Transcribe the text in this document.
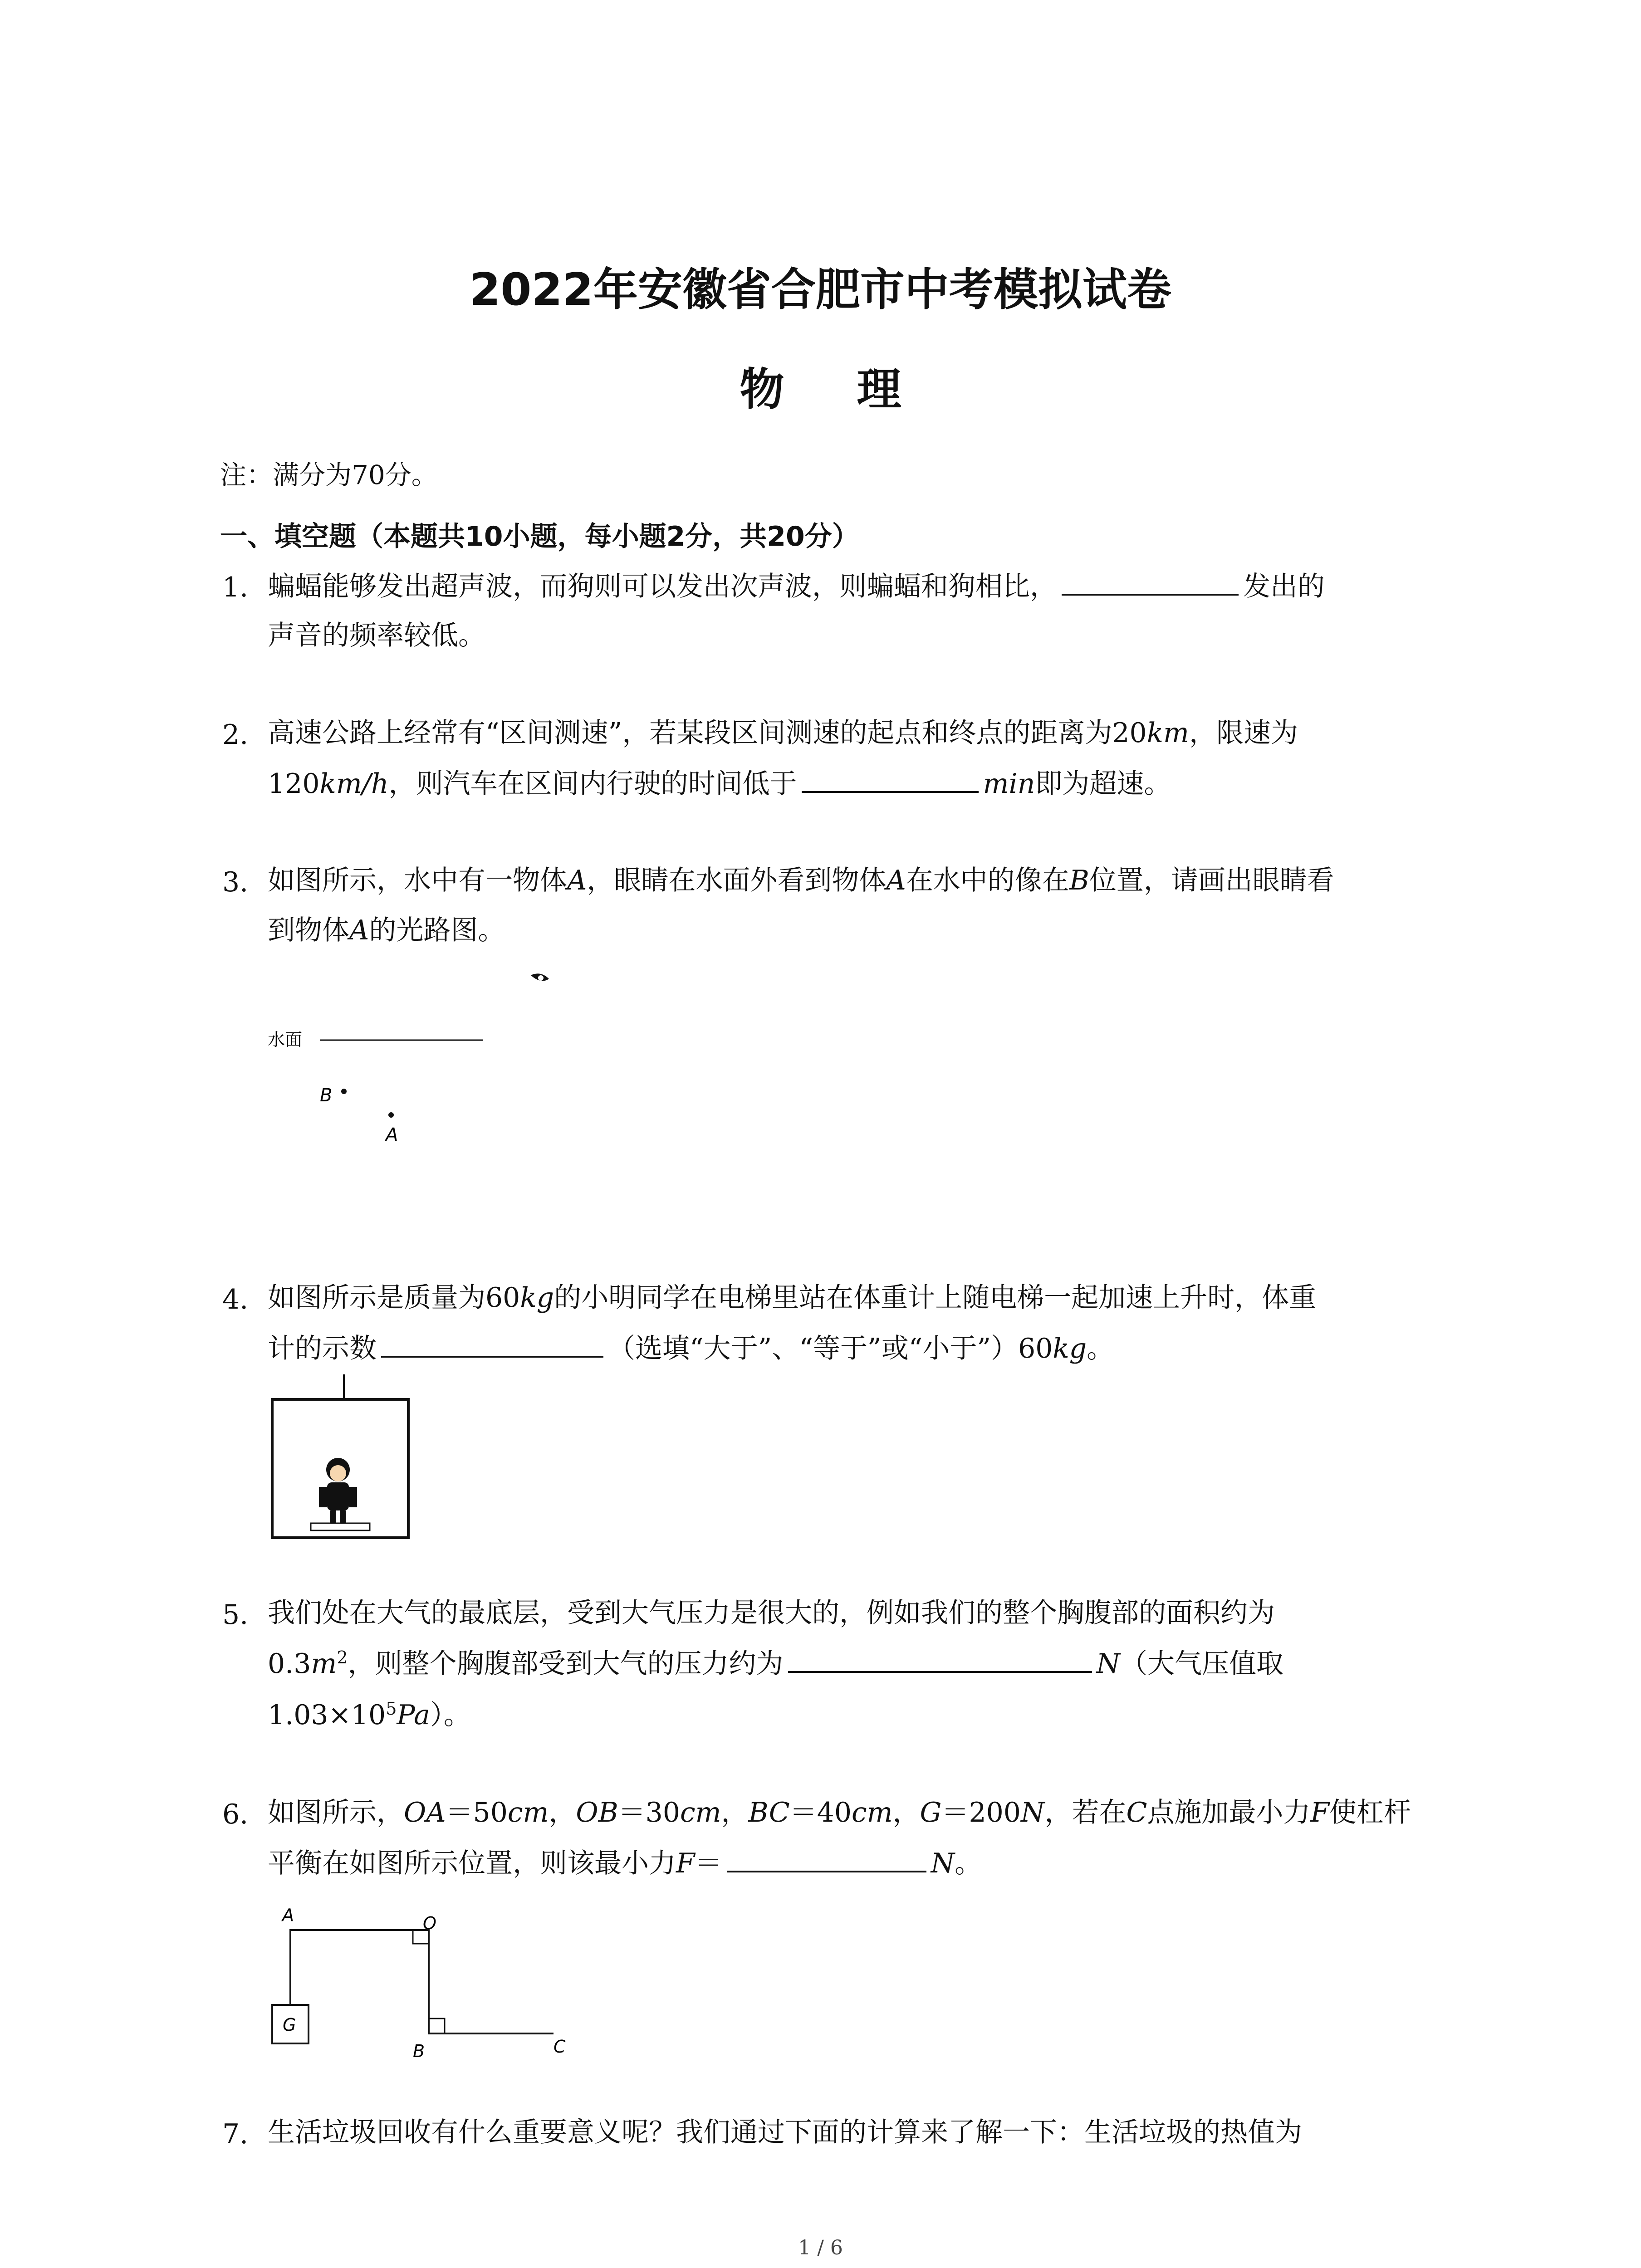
2022年安徽省合肥市中考模拟试卷
物理
注：满分为70分。
一、填空题（本题共10小题，每小题2分，共20分）
1. 蝙蝠能够发出超声波，而狗则可以发出次声波，则蝙蝠和狗相比，	发出的
声音的频率较低。
2. 高速公路上经常有“区间测速”，若某段区间测速的起点和终点的距离为20km，限速为
120km/h，则汽车在区间内行驶的时间低于	min即为超速。
3. 如图所示，水中有一物体A，眼睛在水面外看到物体A在水中的像在B位置，请画出眼睛看
到物体A的光路图。
水面
B
A
4. 如图所示是质量为60kg的小明同学在电梯里站在体重计上随电梯一起加速上升时，体重
计的示数	（选填“大于”、“等于”或“小于”）60kg。
5. 我们处在大气的最底层，受到大气压力是很大的，例如我们的整个胸腹部的面积约为
$0.3m^2$，则整个胸腹部受到大气的压力约为	N（大气压值取
$1.03\times 10^5Pa$）。
6. 如图所示，OA＝50cm，OB＝30cm，BC＝40cm，G＝200N，若在C点施加最小力F使杠杆
平衡在如图所示位置，则该最小力F＝	N。
A	O
G
B	C
7. 生活垃圾回收有什么重要意义呢？我们通过下面的计算来了解一下：生活垃圾的热值为
1 / 6
